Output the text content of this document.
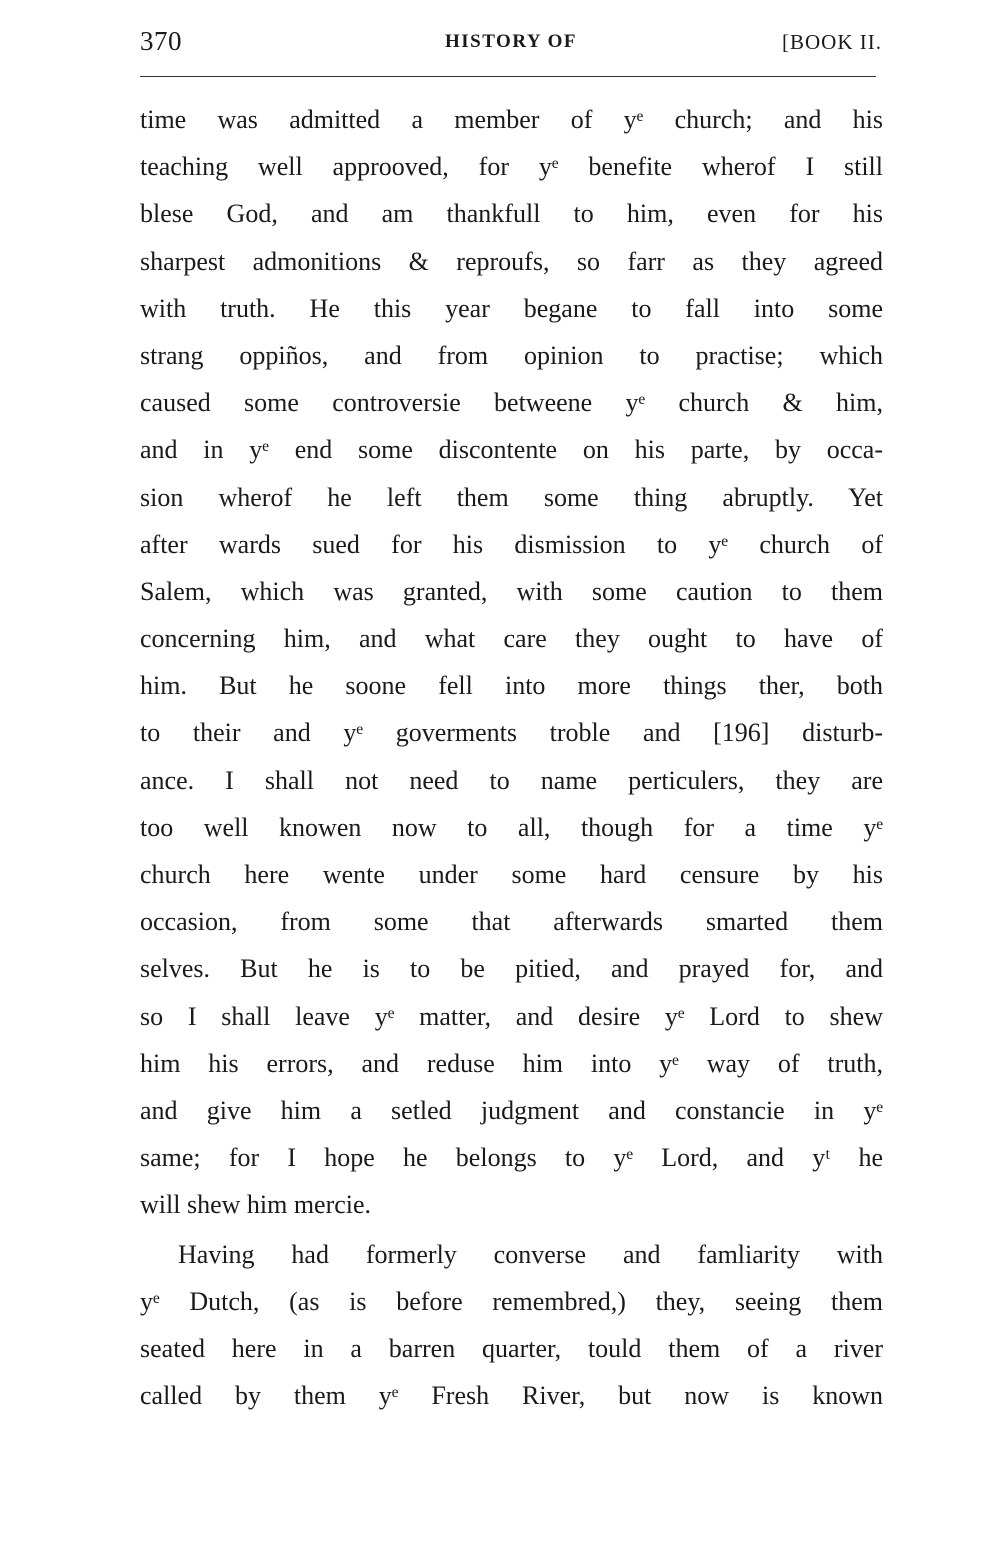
370	HISTORY OF	[BOOK II.
time was admitted a member of yᵉ church; and his
teaching well approoved, for yᵉ benefite wherof I still
blese God, and am thankfull to him, even for his
sharpest admonitions & reproufs, so farr as they agreed
with truth. He this year begane to fall into some
strang oppiños, and from opinion to practise; which
caused some controversie betweene yᵉ church & him,
and in yᵉ end some discontente on his parte, by occa-
sion wherof he left them some thing abruptly. Yet
after wards sued for his dismission to yᵉ church of
Salem, which was granted, with some caution to them
concerning him, and what care they ought to have of
him. But he soone fell into more things ther, both
to their and yᵉ goverments troble and [196] disturb-
ance. I shall not need to name perticulers, they are
too well knowen now to all, though for a time yᵉ
church here wente under some hard censure by his
occasion, from some that afterwards smarted them
selves. But he is to be pitied, and prayed for, and
so I shall leave yᵉ matter, and desire yᵉ Lord to shew
him his errors, and reduse him into yᵉ way of truth,
and give him a setled judgment and constancie in yᵉ
same; for I hope he belongs to yᵉ Lord, and yᵗ he
will shew him mercie.
Having had formerly converse and famliarity with
yᵉ Dutch, (as is before remembred,) they, seeing them
seated here in a barren quarter, tould them of a river
called by them yᵉ Fresh River, but now is known
